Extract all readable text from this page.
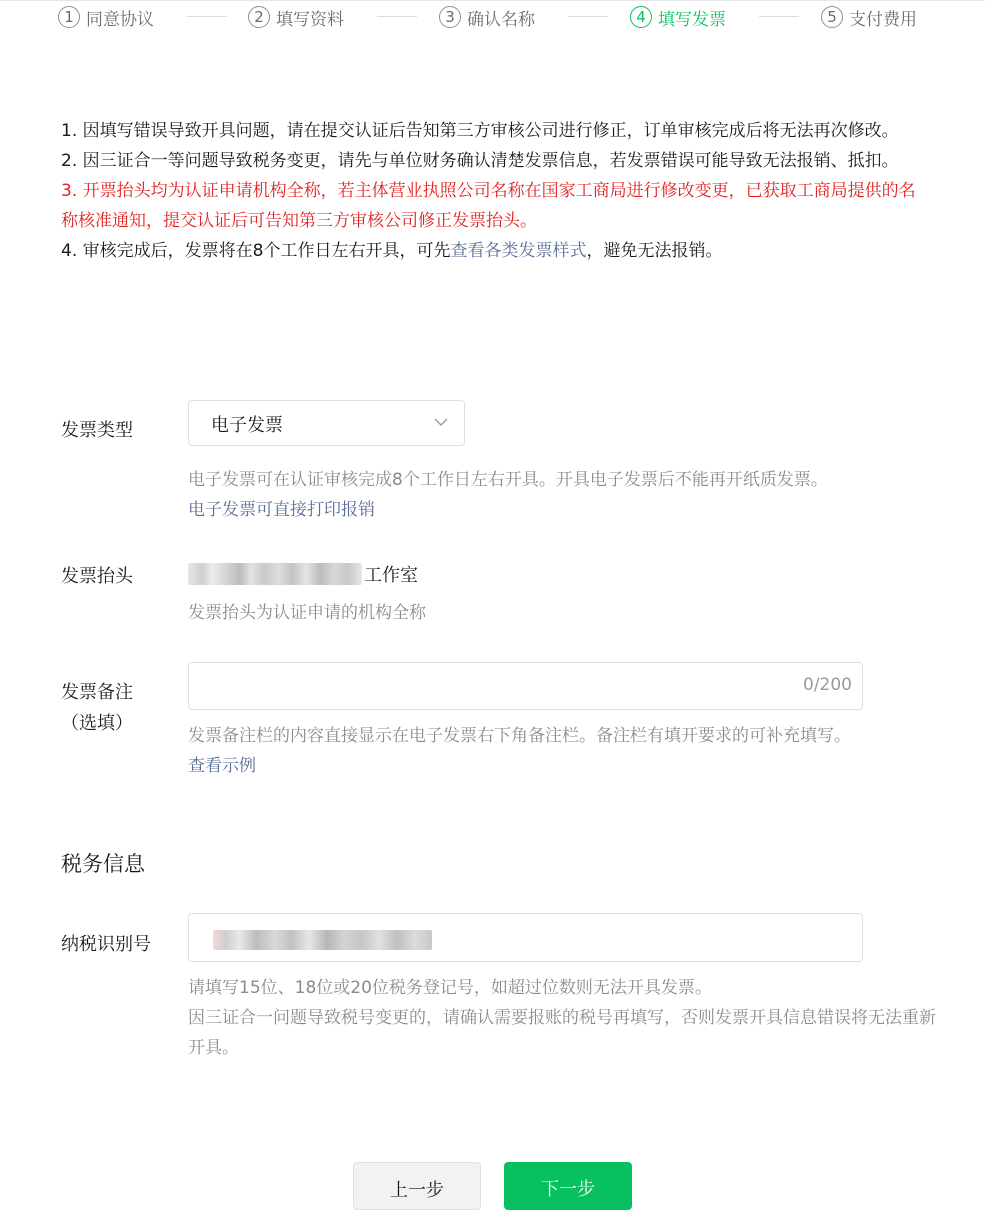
1 同意协议	2 填写资料	3 确认名称	4 填写发票	5 支付费用

1. 因填写错误导致开具问题，请在提交认证后告知第三方审核公司进行修正，订单审核完成后将无法再次修改。

2. 因三证合一等问题导致税务变更，请先与单位财务确认清楚发票信息，若发票错误可能导致无法报销、抵扣。

3. 开票抬头均为认证申请机构全称，若主体营业执照公司名称在国家工商局进行修改变更，已获取工商局提供的名称核准通知，提交认证后可告知第三方审核公司修正发票抬头。

4. 审核完成后，发票将在8个工作日左右开具，可先查看各类发票样式，避免无法报销。

发票类型	电子发票

电子发票可在认证审核完成8个工作日左右开具。开具电子发票后不能再开纸质发票。

电子发票可直接打印报销

发票抬头	工作室
发票抬头为认证申请的机构全称
发票备注
（选填）
0/200

发票备注栏的内容直接显示在电子发票右下角备注栏。备注栏有填开要求的可补充填写。

查看示例

税务信息
纳税识别号

请填写15位、18位或20位税务登记号，如超过位数则无法开具发票。

因三证合一问题导致税号变更的，请确认需要报账的税号再填写，否则发票开具信息错误将无法重新开具。

上一步	下一步
